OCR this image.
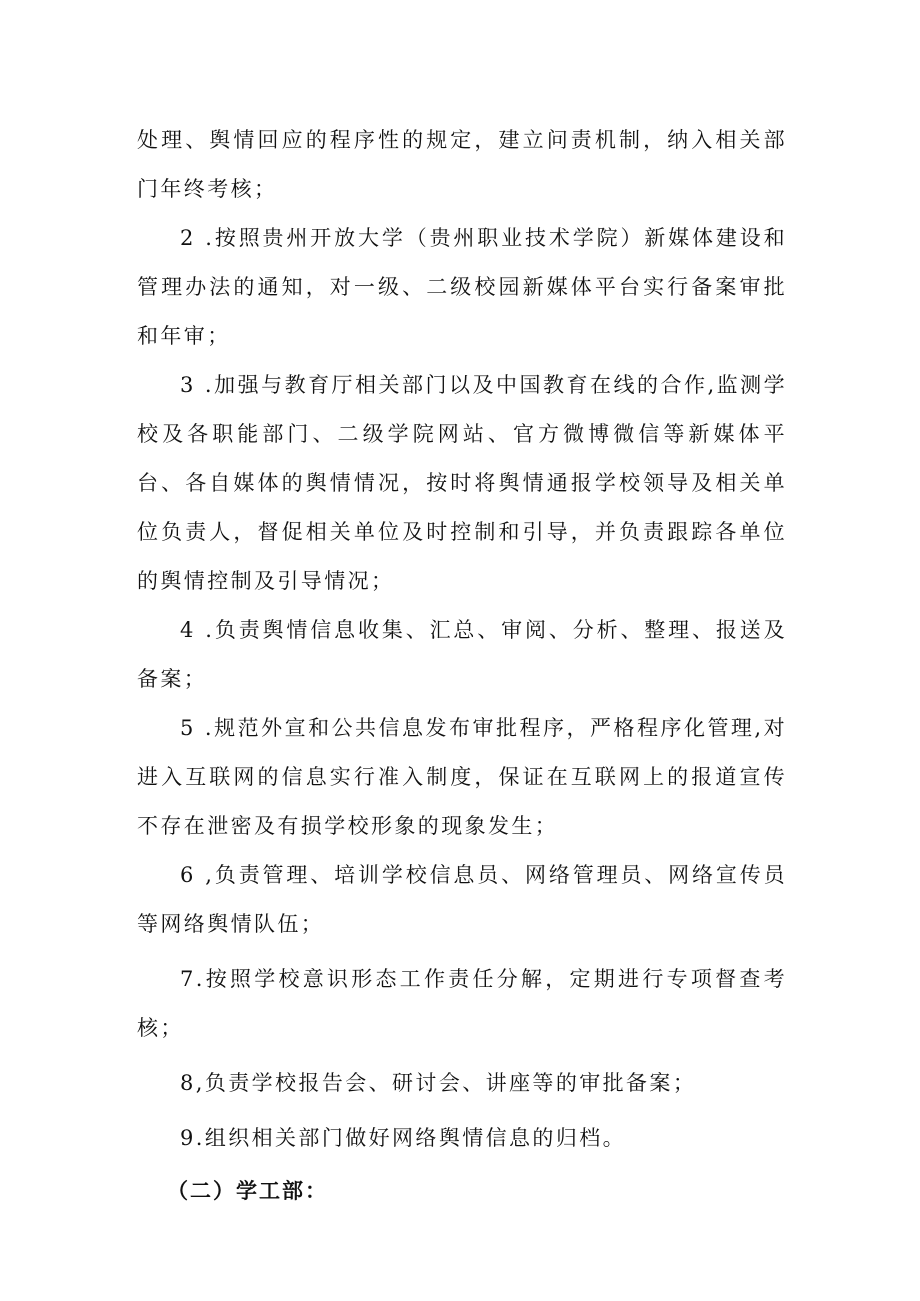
处理、舆情回应的程序性的规定，建立问责机制，纳入相关部门年终考核；

2 .按照贵州开放大学（贵州职业技术学院）新媒体建设和管理办法的通知，对一级、二级校园新媒体平台实行备案审批和年审；

3 .加强与教育厅相关部门以及中国教育在线的合作,监测学校及各职能部门、二级学院网站、官方微博微信等新媒体平台、各自媒体的舆情情况，按时将舆情通报学校领导及相关单位负责人，督促相关单位及时控制和引导，并负责跟踪各单位的舆情控制及引导情况；

4 .负责舆情信息收集、汇总、审阅、分析、整理、报送及备案；

5 .规范外宣和公共信息发布审批程序，严格程序化管理,对进入互联网的信息实行准入制度，保证在互联网上的报道宣传不存在泄密及有损学校形象的现象发生；

6 ,负责管理、培训学校信息员、网络管理员、网络宣传员等网络舆情队伍；

7.按照学校意识形态工作责任分解，定期进行专项督查考核；

8,负责学校报告会、研讨会、讲座等的审批备案；

9.组织相关部门做好网络舆情信息的归档。

（二）学工部：
